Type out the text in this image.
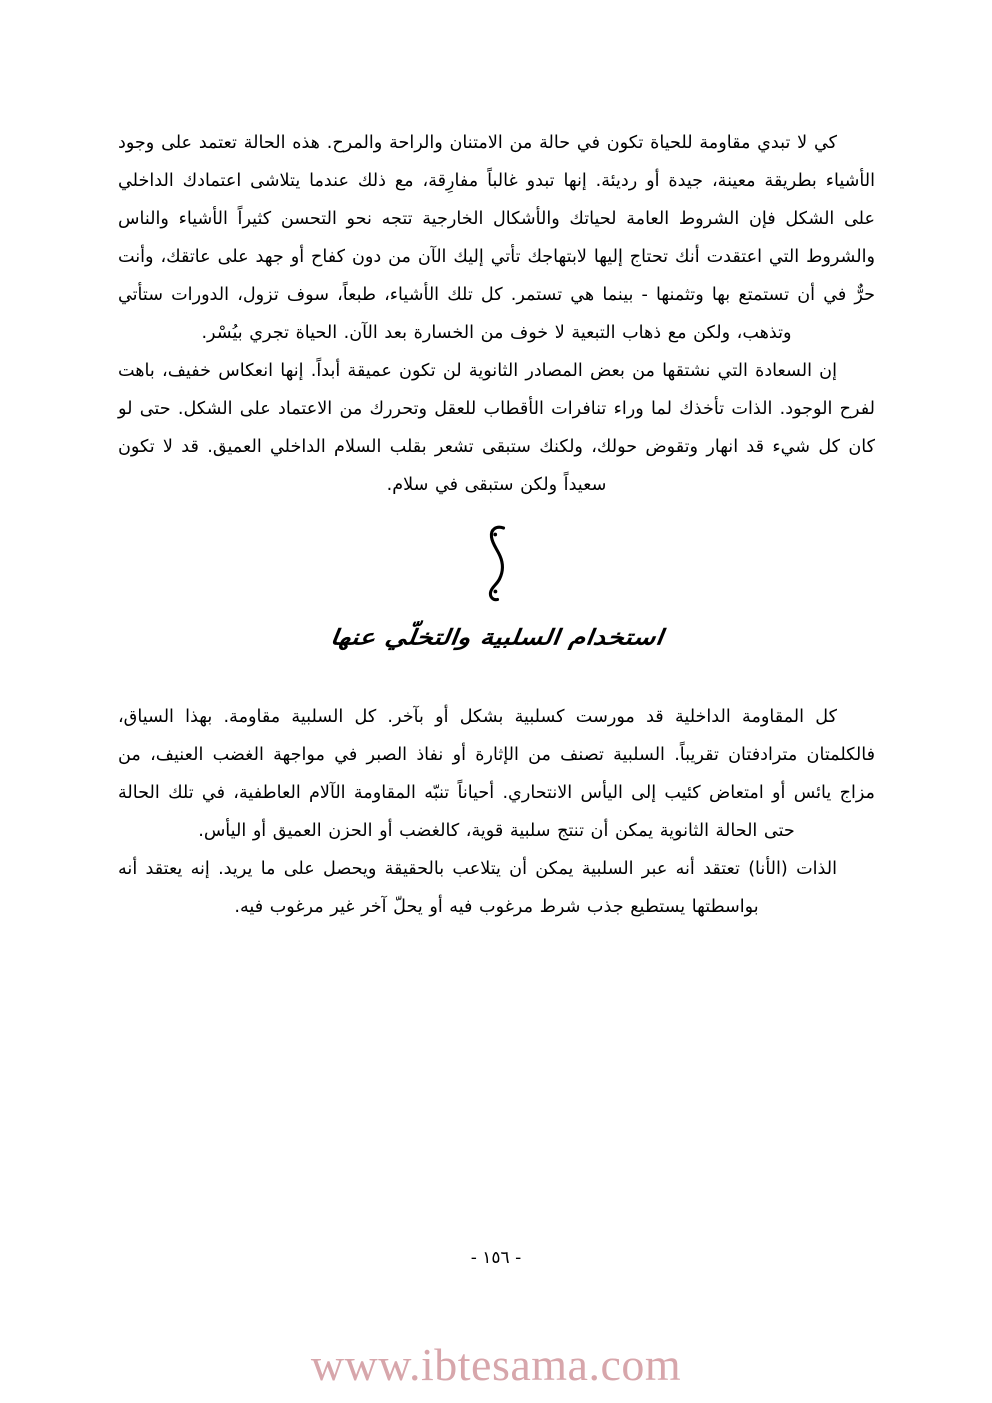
كي لا تبدي مقاومة للحياة تكون في حالة من الامتنان والراحة والمرح. هذه الحالة تعتمد على وجود الأشياء بطريقة معينة، جيدة أو رديئة. إنها تبدو غالباً مفارِقة، مع ذلك عندما يتلاشى اعتمادك الداخلي على الشكل فإن الشروط العامة لحياتك والأشكال الخارجية تتجه نحو التحسن كثيراً الأشياء والناس والشروط التي اعتقدت أنك تحتاج إليها لابتهاجك تأتي إليك الآن من دون كفاح أو جهد على عاتقك، وأنت حرٌّ في أن تستمتع بها وتثمنها - بينما هي تستمر. كل تلك الأشياء، طبعاً، سوف تزول، الدورات ستأتي وتذهب، ولكن مع ذهاب التبعية لا خوف من الخسارة بعد الآن. الحياة تجري بيُسْر.

إن السعادة التي نشتقها من بعض المصادر الثانوية لن تكون عميقة أبداً. إنها انعكاس خفيف، باهت لفرح الوجود. الذات تأخذك لما وراء تنافرات الأقطاب للعقل وتحررك من الاعتماد على الشكل. حتى لو كان كل شيء قد انهار وتقوض حولك، ولكنك ستبقى تشعر بقلب السلام الداخلي العميق. قد لا تكون سعيداً ولكن ستبقى في سلام.

استخدام السلبية والتخلّي عنها

كل المقاومة الداخلية قد مورست كسلبية بشكل أو بآخر. كل السلبية مقاومة. بهذا السياق، فالكلمتان مترادفتان تقريباً. السلبية تصنف من الإثارة أو نفاذ الصبر في مواجهة الغضب العنيف، من مزاج يائس أو امتعاض كئيب إلى اليأس الانتحاري. أحياناً تنبّه المقاومة الآلام العاطفية، في تلك الحالة حتى الحالة الثانوية يمكن أن تنتج سلبية قوية، كالغضب أو الحزن العميق أو اليأس.

الذات (الأنا) تعتقد أنه عبر السلبية يمكن أن يتلاعب بالحقيقة ويحصل على ما يريد. إنه يعتقد أنه بواسطتها يستطيع جذب شرط مرغوب فيه أو يحلّ آخر غير مرغوب فيه.

- ١٥٦ -
www.ibtesama.com
